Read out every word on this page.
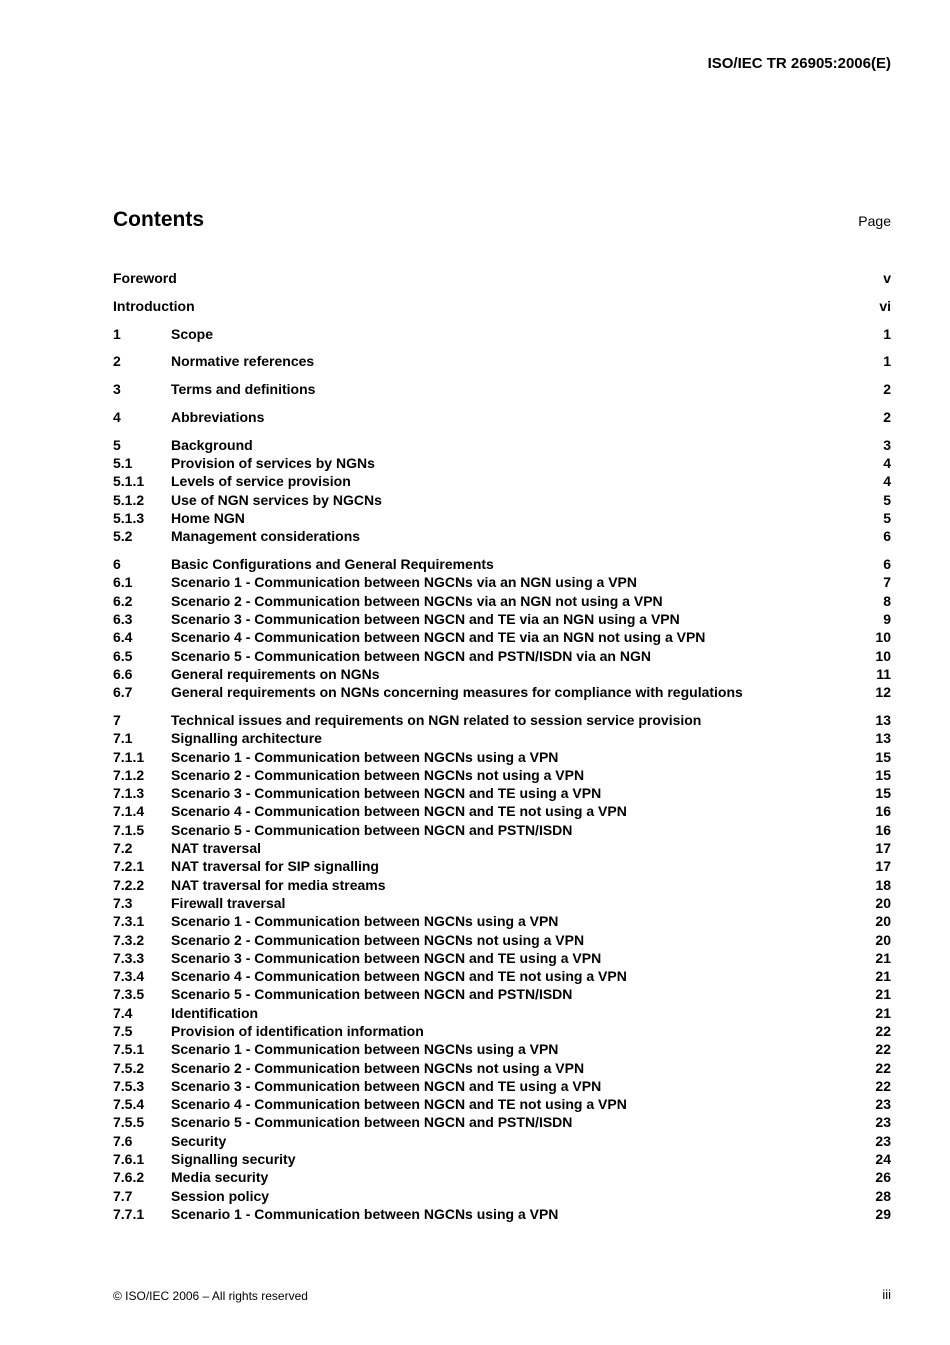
ISO/IEC TR 26905:2006(E)
Contents	Page
Foreword	v
Introduction	vi
1	Scope	1
2	Normative references	1
3	Terms and definitions	2
4	Abbreviations	2
5	Background	3
5.1	Provision of services by NGNs	4
5.1.1	Levels of service provision	4
5.1.2	Use of NGN services by NGCNs	5
5.1.3	Home NGN	5
5.2	Management considerations	6
6	Basic Configurations and General Requirements	6
6.1	Scenario 1 - Communication between NGCNs via an NGN using a VPN	7
6.2	Scenario 2 - Communication between NGCNs via an NGN not using a VPN	8
6.3	Scenario 3 - Communication between NGCN and TE via an NGN using a VPN	9
6.4	Scenario 4 - Communication between NGCN and TE via an NGN not using a VPN	10
6.5	Scenario 5 - Communication between NGCN and PSTN/ISDN via an NGN	10
6.6	General requirements on NGNs	11
6.7	General requirements on NGNs concerning measures for compliance with regulations	12
7	Technical issues and requirements on NGN related to session service provision	13
7.1	Signalling architecture	13
7.1.1	Scenario 1 - Communication between NGCNs using a VPN	15
7.1.2	Scenario 2 - Communication between NGCNs not using a VPN	15
7.1.3	Scenario 3 - Communication between NGCN and TE using a VPN	15
7.1.4	Scenario 4 - Communication between NGCN and TE not using a VPN	16
7.1.5	Scenario 5 - Communication between NGCN and PSTN/ISDN	16
7.2	NAT traversal	17
7.2.1	NAT traversal for SIP signalling	17
7.2.2	NAT traversal for media streams	18
7.3	Firewall traversal	20
7.3.1	Scenario 1 - Communication between NGCNs using a VPN	20
7.3.2	Scenario 2 - Communication between NGCNs not using a VPN	20
7.3.3	Scenario 3 - Communication between NGCN and TE using a VPN	21
7.3.4	Scenario 4 - Communication between NGCN and TE not using a VPN	21
7.3.5	Scenario 5 - Communication between NGCN and PSTN/ISDN	21
7.4	Identification	21
7.5	Provision of identification information	22
7.5.1	Scenario 1 - Communication between NGCNs using a VPN	22
7.5.2	Scenario 2 - Communication between NGCNs not using a VPN	22
7.5.3	Scenario 3 - Communication between NGCN and TE using a VPN	22
7.5.4	Scenario 4 - Communication between NGCN and TE not using a VPN	23
7.5.5	Scenario 5 - Communication between NGCN and PSTN/ISDN	23
7.6	Security	23
7.6.1	Signalling security	24
7.6.2	Media security	26
7.7	Session policy	28
7.7.1	Scenario 1 - Communication between NGCNs using a VPN	29
© ISO/IEC 2006 – All rights reserved	iii
